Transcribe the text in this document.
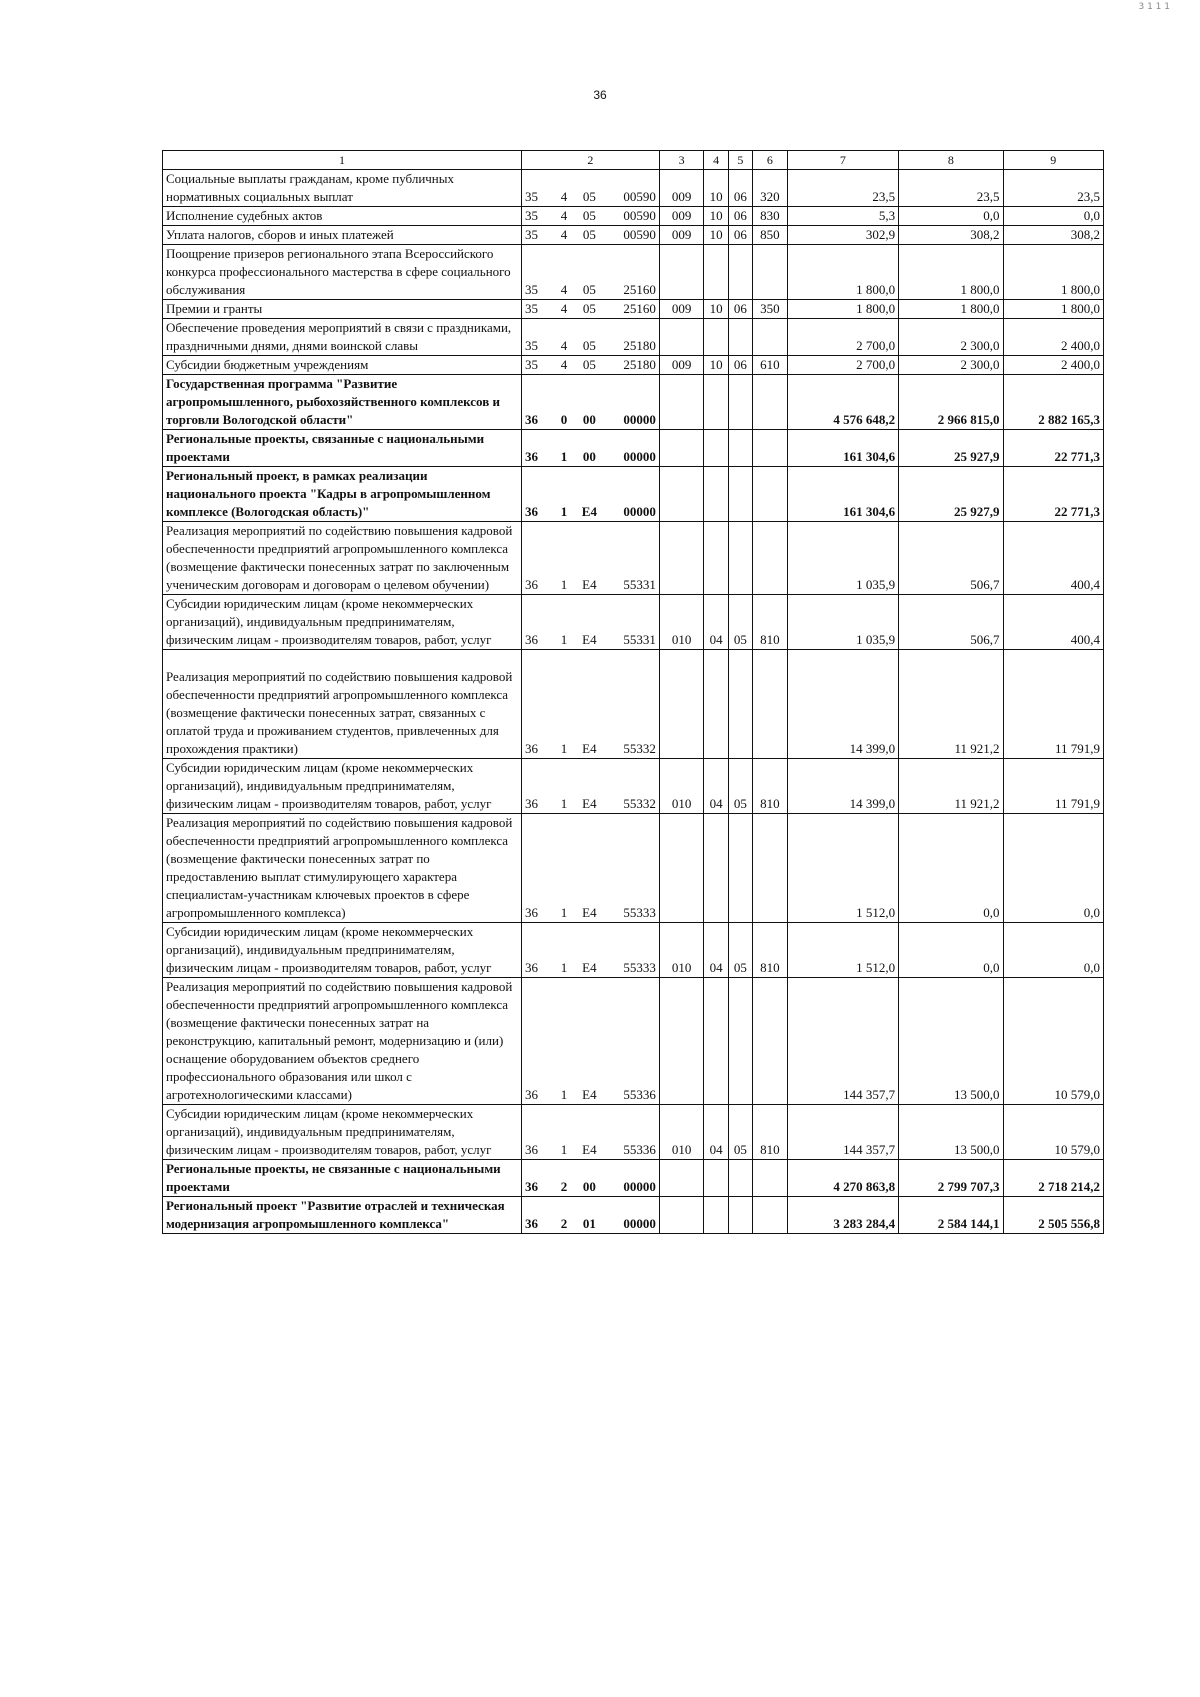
36
3 1 1 1
1	2				3	4	5	6	7	8	9
Социальные выплаты гражданам, кроме публичных нормативных социальных выплат	35	4	05	00590	009	10	06	320	23,5	23,5	23,5
Исполнение судебных актов	35	4	05	00590	009	10	06	830	5,3	0,0	0,0
Уплата налогов, сборов и иных платежей	35	4	05	00590	009	10	06	850	302,9	308,2	308,2
Поощрение призеров регионального этапа Всероссийского конкурса профессионального мастерства в сфере социального обслуживания	35	4	05	25160					1 800,0	1 800,0	1 800,0
Премии и гранты	35	4	05	25160	009	10	06	350	1 800,0	1 800,0	1 800,0
Обеспечение проведения мероприятий в связи с праздниками, праздничными днями, днями воинской славы	35	4	05	25180					2 700,0	2 300,0	2 400,0
Субсидии бюджетным учреждениям	35	4	05	25180	009	10	06	610	2 700,0	2 300,0	2 400,0
Государственная программа "Развитие агропромышленного, рыбохозяйственного комплексов и торговли Вологодской области"	36	0	00	00000					4 576 648,2	2 966 815,0	2 882 165,3
Региональные проекты, связанные с национальными проектами	36	1	00	00000					161 304,6	25 927,9	22 771,3
Региональный проект, в рамках реализации национального проекта "Кадры в агропромышленном комплексе (Вологодская область)"	36	1	Е4	00000					161 304,6	25 927,9	22 771,3
Реализация мероприятий по содействию повышения кадровой обеспеченности предприятий агропромышленного комплекса (возмещение фактически понесенных затрат по заключенным ученическим договорам и договорам о целевом обучении)	36	1	Е4	55331					1 035,9	506,7	400,4
Субсидии юридическим лицам (кроме некоммерческих организаций), индивидуальным предпринимателям, физическим лицам - производителям товаров, работ, услуг	36	1	Е4	55331	010	04	05	810	1 035,9	506,7	400,4

Реализация мероприятий по содействию повышения кадровой обеспеченности предприятий агропромышленного комплекса (возмещение фактически понесенных затрат, связанных с оплатой труда и проживанием студентов, привлеченных для прохождения практики)	36	1	Е4	55332					14 399,0	11 921,2	11 791,9
Субсидии юридическим лицам (кроме некоммерческих организаций), индивидуальным предпринимателям, физическим лицам - производителям товаров, работ, услуг	36	1	Е4	55332	010	04	05	810	14 399,0	11 921,2	11 791,9
Реализация мероприятий по содействию повышения кадровой обеспеченности предприятий агропромышленного комплекса (возмещение фактически понесенных затрат по предоставлению выплат стимулирующего характера специалистам-участникам ключевых проектов в сфере агропромышленного комплекса)	36	1	Е4	55333					1 512,0	0,0	0,0
Субсидии юридическим лицам (кроме некоммерческих организаций), индивидуальным предпринимателям, физическим лицам - производителям товаров, работ, услуг	36	1	Е4	55333	010	04	05	810	1 512,0	0,0	0,0
Реализация мероприятий по содействию повышения кадровой обеспеченности предприятий агропромышленного комплекса (возмещение фактически понесенных затрат на реконструкцию, капитальный ремонт, модернизацию и (или) оснащение оборудованием объектов среднего профессионального образования или школ с агротехнологическими классами)	36	1	Е4	55336					144 357,7	13 500,0	10 579,0
Субсидии юридическим лицам (кроме некоммерческих организаций), индивидуальным предпринимателям, физическим лицам - производителям товаров, работ, услуг	36	1	Е4	55336	010	04	05	810	144 357,7	13 500,0	10 579,0
Региональные проекты, не связанные с национальными проектами	36	2	00	00000					4 270 863,8	2 799 707,3	2 718 214,2
Региональный проект "Развитие отраслей и техническая модернизация агропромышленного комплекса"	36	2	01	00000					3 283 284,4	2 584 144,1	2 505 556,8
